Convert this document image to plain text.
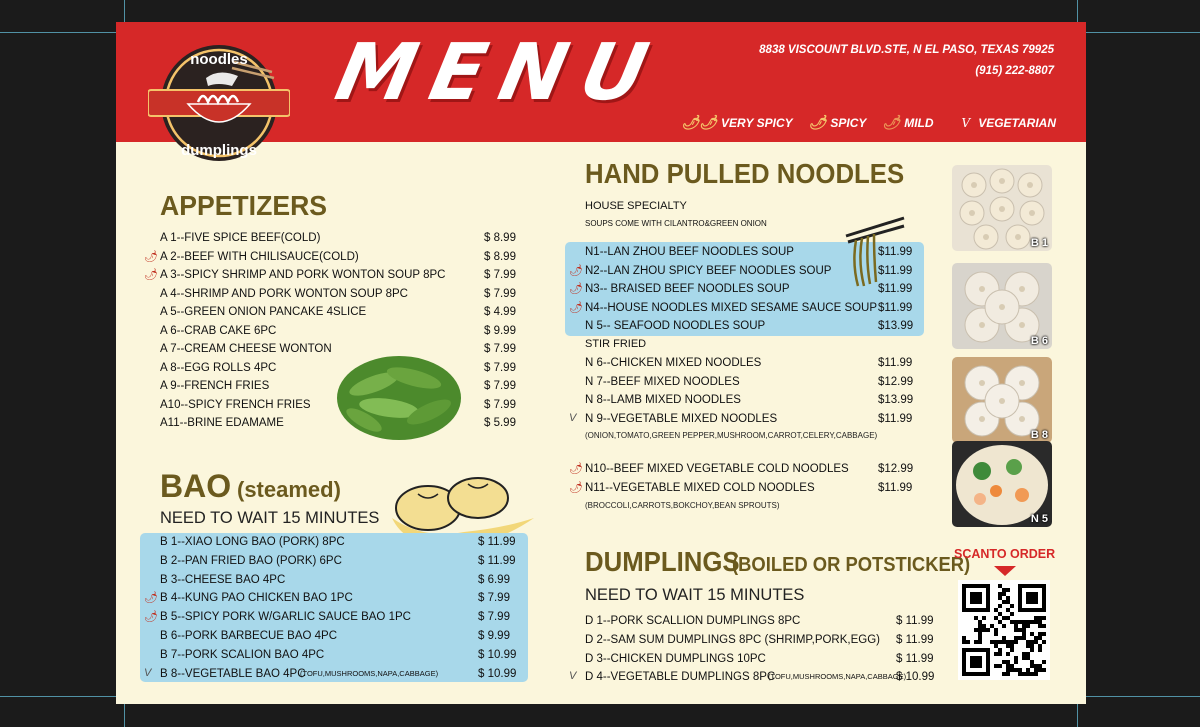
MENU	8838 VISCOUNT BLVD.STE, N EL PASO, TEXAS 79925
(915) 222-8807
🌶🌶 VERY SPICY 🌶 SPICY 🌶 MILD V VEGETARIAN
noodles
dumplings
APPETIZERS
A 1--FIVE SPICE BEEF(COLD)	$ 8.99
🌶 A 2--BEEF WITH CHILISAUCE(COLD)	$ 8.99
🌶 A 3--SPICY SHRIMP AND PORK WONTON SOUP 8PC	$ 7.99
A 4--SHRIMP AND PORK WONTON SOUP 8PC	$ 7.99
A 5--GREEN ONION PANCAKE 4SLICE	$ 4.99
A 6--CRAB CAKE 6PC	$ 9.99
A 7--CREAM CHEESE WONTON	$ 7.99
A 8--EGG ROLLS 4PC	$ 7.99
A 9--FRENCH FRIES	$ 7.99
A10--SPICY FRENCH FRIES	$ 7.99
A11--BRINE EDAMAME	$ 5.99
BAO (steamed)
NEED TO WAIT 15 MINUTES
B 1--XIAO LONG BAO (PORK) 8PC	$ 11.99
B 2--PAN FRIED BAO (PORK) 6PC	$ 11.99
B 3--CHEESE BAO 4PC	$ 6.99
🌶 B 4--KUNG PAO CHICKEN BAO 1PC	$ 7.99
🌶 B 5--SPICY PORK W/GARLIC SAUCE BAO 1PC	$ 7.99
B 6--PORK BARBECUE BAO 4PC	$ 9.99
B 7--PORK SCALION BAO 4PC	$ 10.99
V B 8--VEGETABLE BAO 4PC
(TOFU,MUSHROOMS,NAPA,CABBAGE)	$ 10.99
HAND PULLED NOODLES
HOUSE SPECIALTY
SOUPS COME WITH CILANTRO&GREEN ONION
N1--LAN ZHOU BEEF NOODLES SOUP	$11.99
🌶 N2--LAN ZHOU SPICY BEEF NOODLES SOUP	$11.99
🌶 N3-- BRAISED BEEF NOODLES SOUP	$11.99
🌶 N4--HOUSE NOODLES MIXED SESAME SAUCE SOUP $11.99
N 5-- SEAFOOD NOODLES SOUP	$13.99
STIR FRIED
N 6--CHICKEN MIXED NOODLES	$11.99
N 7--BEEF MIXED NOODLES	$12.99
N 8--LAMB MIXED NOODLES	$13.99
V N 9--VEGETABLE MIXED NOODLES	$11.99
(ONION,TOMATO,GREEN PEPPER,MUSHROOM,CARROT,CELERY,CABBAGE)
🌶 N10--BEEF MIXED VEGETABLE COLD NOODLES	$12.99
🌶 N11--VEGETABLE MIXED COLD NOODLES	$11.99
(BROCCOLI,CARROTS,BOKCHOY,BEAN SPROUTS)
DUMPLINGS
(BOILED OR POTSTICKER)
NEED TO WAIT 15 MINUTES
D 1--PORK SCALLION DUMPLINGS 8PC	$ 11.99
D 2--SAM SUM DUMPLINGS 8PC (SHRIMP,PORK,EGG) $ 11.99
D 3--CHICKEN DUMPLINGS 10PC	$ 11.99
V D 4--VEGETABLE DUMPLINGS 8PC
(TOFU,MUSHROOMS,NAPA,CABBAGE)
$ 10.99
B 1
B 6
B 8
N 5
SCANTO ORDER
